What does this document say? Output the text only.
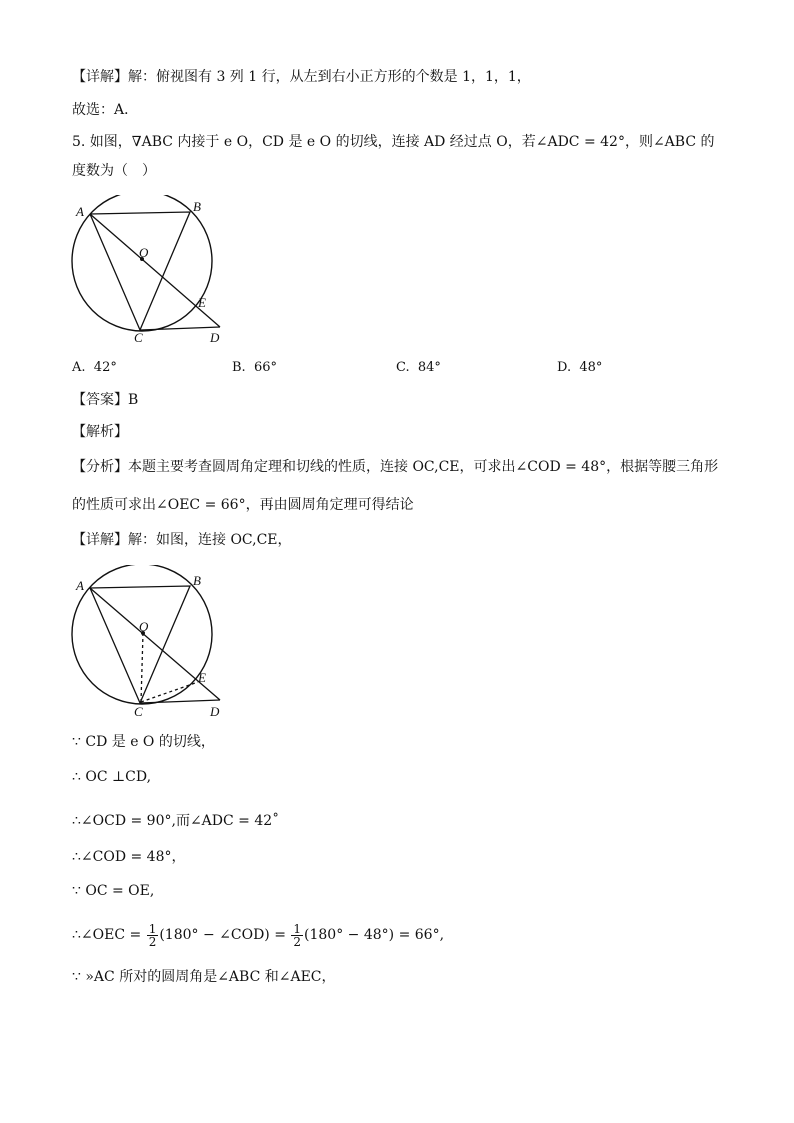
【详解】解：俯视图有 3 列 1 行，从左到右小正方形的个数是 1，1，1，
故选：A．
5. 如图，∇ABC 内接于 e O，CD 是 e O 的切线，连接 AD 经过点 O，若∠ADC = 42°，则∠ABC 的
度数为（　）
A	B
O
E
C	D
A. 42°	B. 66°	C. 84°	D. 48°
【答案】B
【解析】
【分析】本题主要考查圆周角定理和切线的性质，连接 OC,CE，可求出∠COD = 48°，根据等腰三角形
的性质可求出∠OEC = 66°，再由圆周角定理可得结论
【详解】解：如图，连接 OC,CE，
A	B
O
E
C	D
∵ CD 是 e O 的切线，
∴ OC ⊥CD,
∴∠OCD = 90°,而∠ADC = 42˚
∴∠COD = 48°，
∵ OC = OE,
∴∠OEC = $\frac{1}{2} (180^\circ$ − ∠COD) = $\frac{1}{2} (180^\circ - 48^\circ) = 66^\circ$,
∵ »AC 所对的圆周角是∠ABC 和∠AEC，
